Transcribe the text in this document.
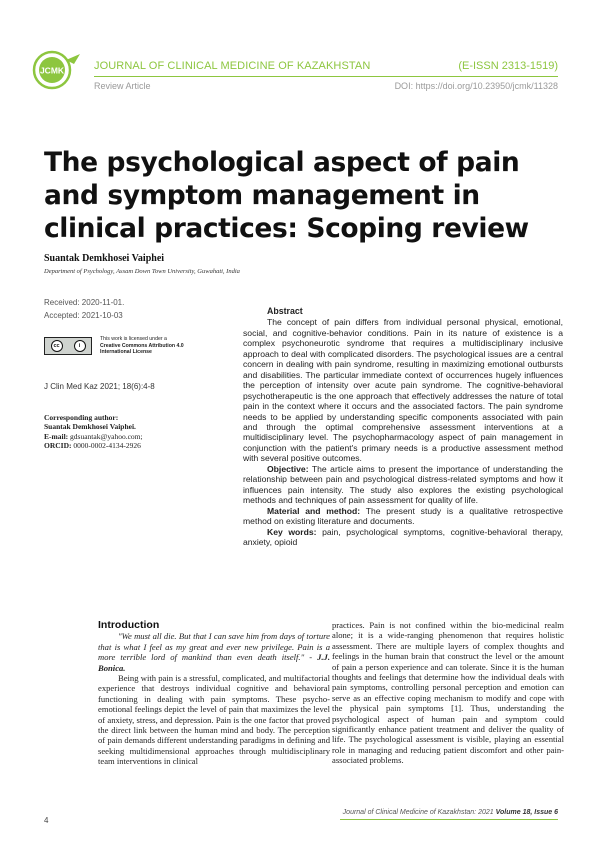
JCMK	JOURNAL OF CLINICAL MEDICINE OF KAZAKHSTAN	(E-ISSN 2313-1519)
Review Article	DOI: https://doi.org/10.23950/jcmk/11328
The psychological aspect of pain and symptom management in clinical practices: Scoping review
Suantak Demkhosei Vaiphei
Department of Psychology, Assam Down Town University, Guwahati, India
Received: 2020-11-01.
Accepted: 2021-10-03
cc	i
This work is licensed under a
Creative Commons Attribution 4.0
International License
J Clin Med Kaz 2021; 18(6):4-8
Corresponding author:
Suantak Demkhosei Vaiphei.
E-mail: gdsuantak@yahoo.com;
ORCID: 0000-0002-4134-2926
Abstract

The concept of pain differs from individual personal physical, emotional, social, and cognitive-behavior conditions. Pain in its nature of existence is a complex psychoneurotic syndrome that requires a multidisciplinary inclusive approach to deal with complicated disorders. The psychological issues are a central concern in dealing with pain syndrome, resulting in maximizing emotional outbursts and disabilities. The particular immediate context of occurrences hugely influences the perception of intensity over acute pain syndrome. The cognitive-behavioral psychotherapeutic is the one approach that effectively addresses the nature of total pain in the context where it occurs and the associated factors. The pain syndrome needs to be applied by understanding specific components associated with pain and through the optimal comprehensive assessment interventions at a multidisciplinary level. The psychopharmacology aspect of pain management in conjunction with the patient's primary needs is a productive assessment method with several positive outcomes.

Objective: The article aims to present the importance of understanding the relationship between pain and psychological distress-related symptoms and how it influences pain intensity. The study also explores the existing psychological methods and techniques of pain assessment for quality of life.

Material and method: The present study is a qualitative retrospective method on existing literature and documents.

Key words: pain, psychological symptoms, cognitive-behavioral therapy, anxiety, opioid

Introduction

"We must all die. But that I can save him from days of torture that is what I feel as my great and ever new privilege. Pain is a more terrible lord of mankind than even death itself." - J.J. Bonica.

Being with pain is a stressful, complicated, and multifactorial experience that destroys individual cognitive and behavioral functioning in dealing with pain symptoms. These psycho-emotional feelings depict the level of pain that maximizes the level of anxiety, stress, and depression. Pain is the one factor that proved the direct link between the human mind and body. The perception of pain demands different understanding paradigms in defining and seeking multidimensional approaches through multidisciplinary team interventions in clinical

practices. Pain is not confined within the bio-medicinal realm alone; it is a wide-ranging phenomenon that requires holistic assessment. There are multiple layers of complex thoughts and feelings in the human brain that construct the level or the amount of pain a person experience and can tolerate. Since it is the human thoughts and feelings that determine how the individual deals with pain symptoms, controlling personal perception and emotion can serve as an effective coping mechanism to modify and cope with the physical pain symptoms [1]. Thus, understanding the psychological aspect of human pain and symptom could significantly enhance patient treatment and deliver the quality of life. The psychological assessment is visible, playing an essential role in managing and reducing patient discomfort and other pain-associated problems.

4
Journal of Clinical Medicine of Kazakhstan: 2021 Volume 18, Issue 6
